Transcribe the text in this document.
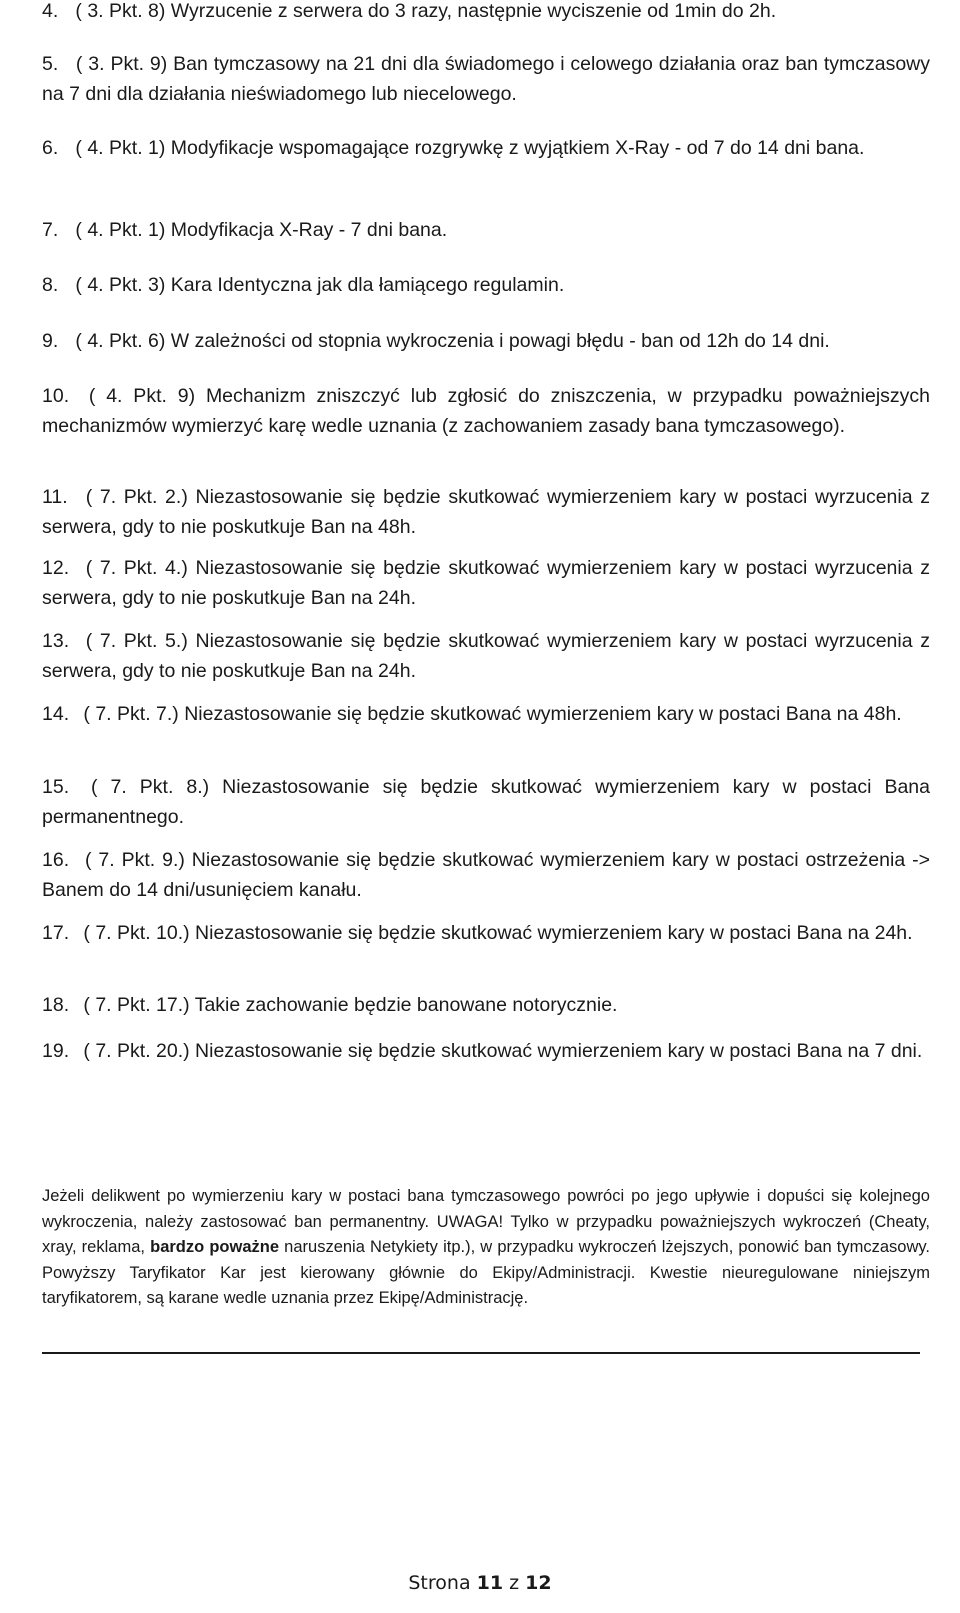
4. ( 3. Pkt. 8) Wyrzucenie z serwera do 3 razy, następnie wyciszenie od 1min do 2h.
5. ( 3. Pkt. 9) Ban tymczasowy na 21 dni dla świadomego i celowego działania oraz ban tymczasowy na 7 dni dla działania nieświadomego lub niecelowego.
6. ( 4. Pkt. 1) Modyfikacje wspomagające rozgrywkę z wyjątkiem X-Ray - od 7 do 14 dni bana.
7. ( 4. Pkt. 1) Modyfikacja X-Ray - 7 dni bana.
8. ( 4. Pkt. 3) Kara Identyczna jak dla łamiącego regulamin.
9. ( 4. Pkt. 6) W zależności od stopnia wykroczenia i powagi błędu - ban od 12h do 14 dni.
10. ( 4. Pkt. 9) Mechanizm zniszczyć lub zgłosić do zniszczenia, w przypadku poważniejszych mechanizmów wymierzyć karę wedle uznania (z zachowaniem zasady bana tymczasowego).
11. ( 7. Pkt. 2.) Niezastosowanie się będzie skutkować wymierzeniem kary w postaci wyrzucenia z serwera, gdy to nie poskutkuje Ban na 48h.
12. ( 7. Pkt. 4.) Niezastosowanie się będzie skutkować wymierzeniem kary w postaci wyrzucenia z serwera, gdy to nie poskutkuje Ban na 24h.
13. ( 7. Pkt. 5.) Niezastosowanie się będzie skutkować wymierzeniem kary w postaci wyrzucenia z serwera, gdy to nie poskutkuje Ban na 24h.
14. ( 7. Pkt. 7.) Niezastosowanie się będzie skutkować wymierzeniem kary w postaci Bana na 48h.
15. ( 7. Pkt. 8.) Niezastosowanie się będzie skutkować wymierzeniem kary w postaci Bana permanentnego.
16. ( 7. Pkt. 9.) Niezastosowanie się będzie skutkować wymierzeniem kary w postaci ostrzeżenia -> Banem do 14 dni/usunięciem kanału.
17. ( 7. Pkt. 10.) Niezastosowanie się będzie skutkować wymierzeniem kary w postaci Bana na 24h.
18. ( 7. Pkt. 17.) Takie zachowanie będzie banowane notorycznie.
19. ( 7. Pkt. 20.) Niezastosowanie się będzie skutkować wymierzeniem kary w postaci Bana na 7 dni.
Jeżeli delikwent po wymierzeniu kary w postaci bana tymczasowego powróci po jego upływie i dopuści się kolejnego wykroczenia, należy zastosować ban permanentny. UWAGA! Tylko w przypadku poważniejszych wykroczeń (Cheaty, xray, reklama, bardzo poważne naruszenia Netykiety itp.), w przypadku wykroczeń lżejszych, ponowić ban tymczasowy. Powyższy Taryfikator Kar jest kierowany głównie do Ekipy/Administracji. Kwestie nieuregulowane niniejszym taryfikatorem, są karane wedle uznania przez Ekipę/Administrację.
Strona 11 z 12
